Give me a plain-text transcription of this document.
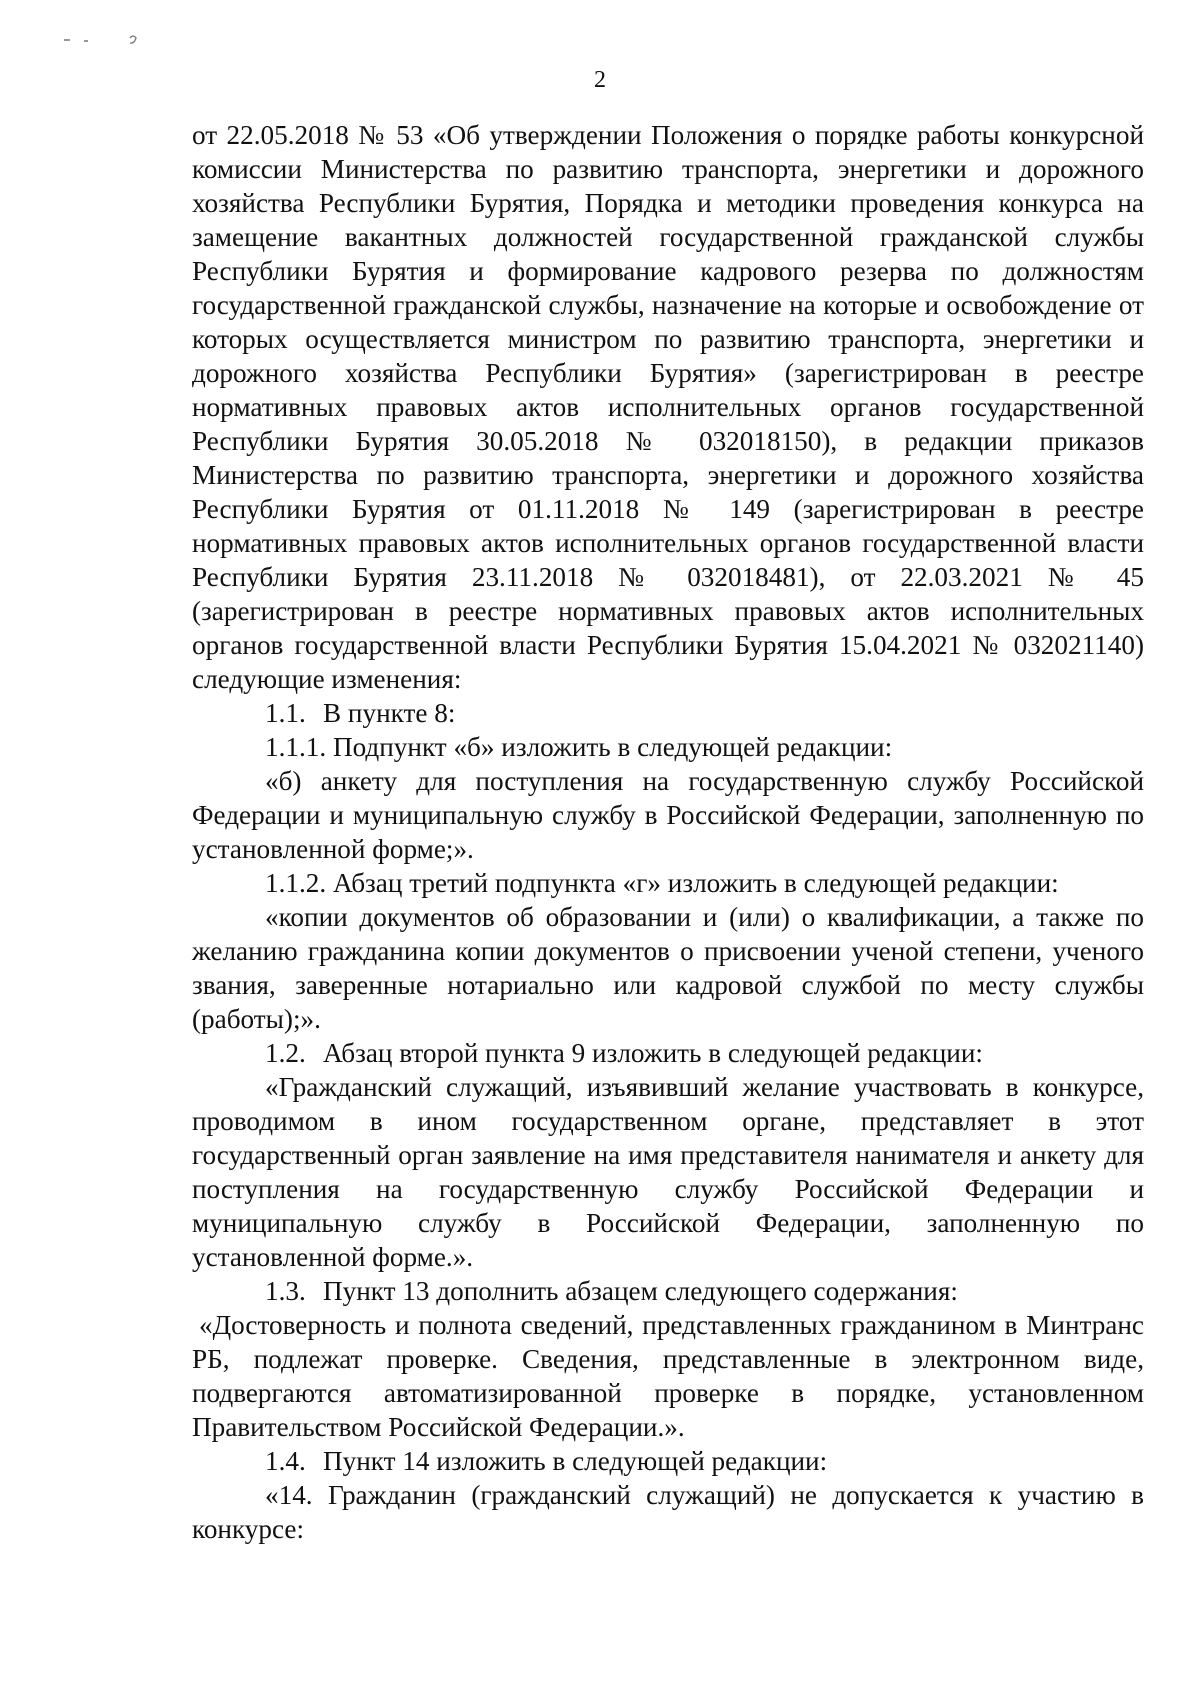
2

от 22.05.2018 № 53 «Об утверждении Положения о порядке работы конкурсной комиссии Министерства по развитию транспорта, энергетики и дорожного хозяйства Республики Бурятия, Порядка и методики проведения конкурса на замещение вакантных должностей государственной гражданской службы Республики Бурятия и формирование кадрового резерва по должностям государственной гражданской службы, назначение на которые и освобождение от которых осуществляется министром по развитию транспорта, энергетики и дорожного хозяйства Республики Бурятия» (зарегистрирован в реестре нормативных правовых актов исполнительных органов государственной Республики Бурятия 30.05.2018 № 032018150), в редакции приказов Министерства по развитию транспорта, энергетики и дорожного хозяйства Республики Бурятия от 01.11.2018 № 149 (зарегистрирован в реестре нормативных правовых актов исполнительных органов государственной власти Республики Бурятия 23.11.2018 № 032018481), от 22.03.2021 № 45 (зарегистрирован в реестре нормативных правовых актов исполнительных органов государственной власти Республики Бурятия 15.04.2021 № 032021140) следующие изменения:

1.1. В пункте 8:

1.1.1. Подпункт «б» изложить в следующей редакции:

«б) анкету для поступления на государственную службу Российской Федерации и муниципальную службу в Российской Федерации, заполненную по установленной форме;».

1.1.2. Абзац третий подпункта «г» изложить в следующей редакции:

«копии документов об образовании и (или) о квалификации, а также по желанию гражданина копии документов о присвоении ученой степени, ученого звания, заверенные нотариально или кадровой службой по месту службы (работы);».

1.2. Абзац второй пункта 9 изложить в следующей редакции:

«Гражданский служащий, изъявивший желание участвовать в конкурсе, проводимом в ином государственном органе, представляет в этот государственный орган заявление на имя представителя нанимателя и анкету для поступления на государственную службу Российской Федерации и муниципальную службу в Российской Федерации, заполненную по установленной форме.».

1.3. Пункт 13 дополнить абзацем следующего содержания:

«Достоверность и полнота сведений, представленных гражданином в Минтранс РБ, подлежат проверке. Сведения, представленные в электронном виде, подвергаются автоматизированной проверке в порядке, установленном Правительством Российской Федерации.».

1.4. Пункт 14 изложить в следующей редакции:

«14. Гражданин (гражданский служащий) не допускается к участию в конкурсе:
